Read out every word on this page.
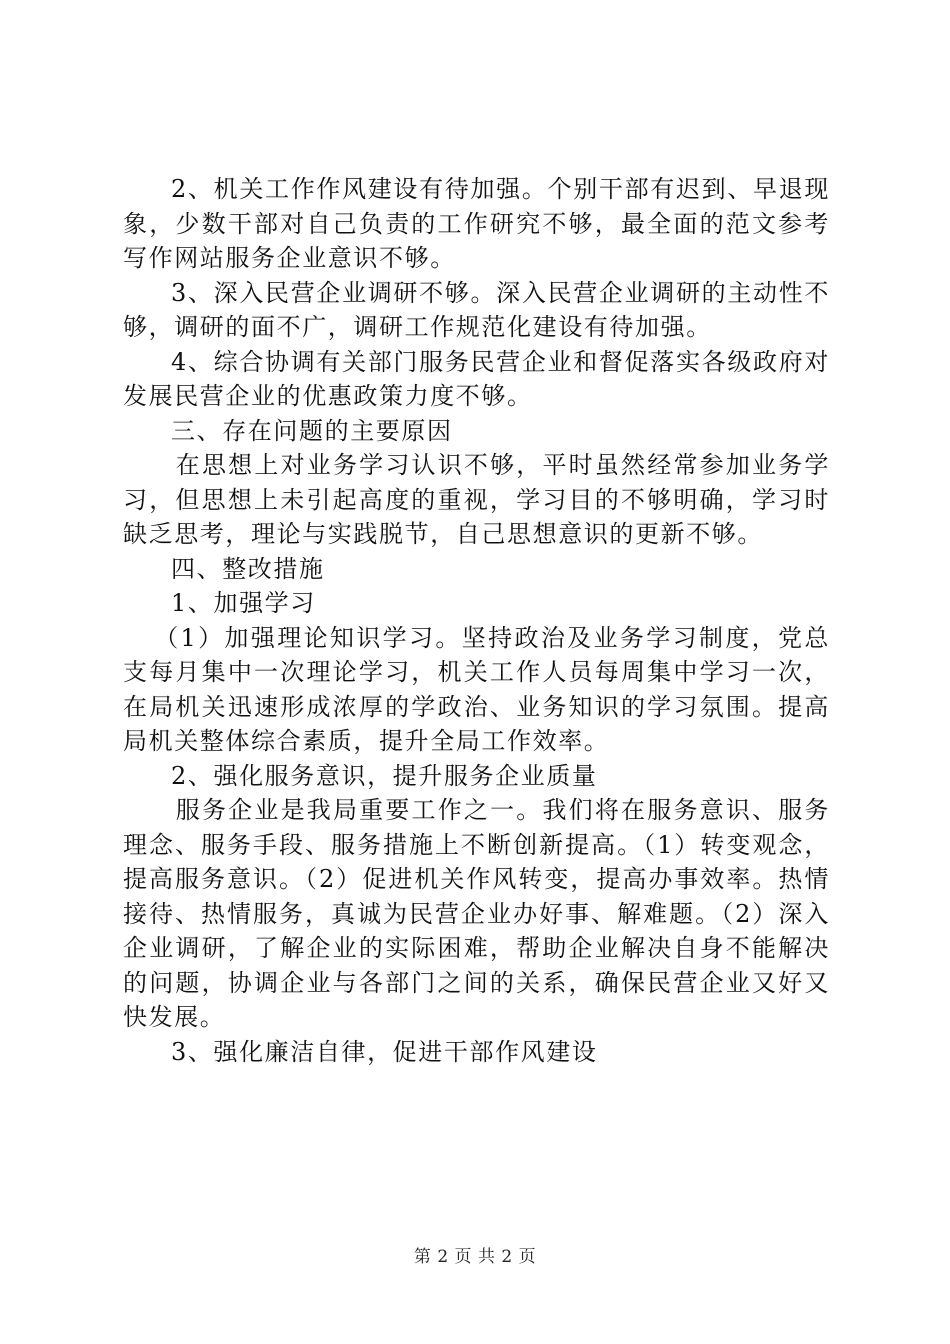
2、机关工作作风建设有待加强。个别干部有迟到、早退现象，少数干部对自己负责的工作研究不够，最全面的范文参考写作网站服务企业意识不够。

3、深入民营企业调研不够。深入民营企业调研的主动性不够，调研的面不广，调研工作规范化建设有待加强。

4、综合协调有关部门服务民营企业和督促落实各级政府对发展民营企业的优惠政策力度不够。

三、存在问题的主要原因

在思想上对业务学习认识不够，平时虽然经常参加业务学习，但思想上未引起高度的重视，学习目的不够明确，学习时缺乏思考，理论与实践脱节，自己思想意识的更新不够。

四、整改措施

1、加强学习

（1）加强理论知识学习。坚持政治及业务学习制度，党总支每月集中一次理论学习，机关工作人员每周集中学习一次，在局机关迅速形成浓厚的学政治、业务知识的学习氛围。提高局机关整体综合素质，提升全局工作效率。

2、强化服务意识，提升服务企业质量

服务企业是我局重要工作之一。我们将在服务意识、服务理念、服务手段、服务措施上不断创新提高。（1）转变观念，提高服务意识。（2）促进机关作风转变，提高办事效率。热情接待、热情服务，真诚为民营企业办好事、解难题。（2）深入企业调研，了解企业的实际困难，帮助企业解决自身不能解决的问题，协调企业与各部门之间的关系，确保民营企业又好又快发展。

3、强化廉洁自律，促进干部作风建设

第 2 页 共 2 页
